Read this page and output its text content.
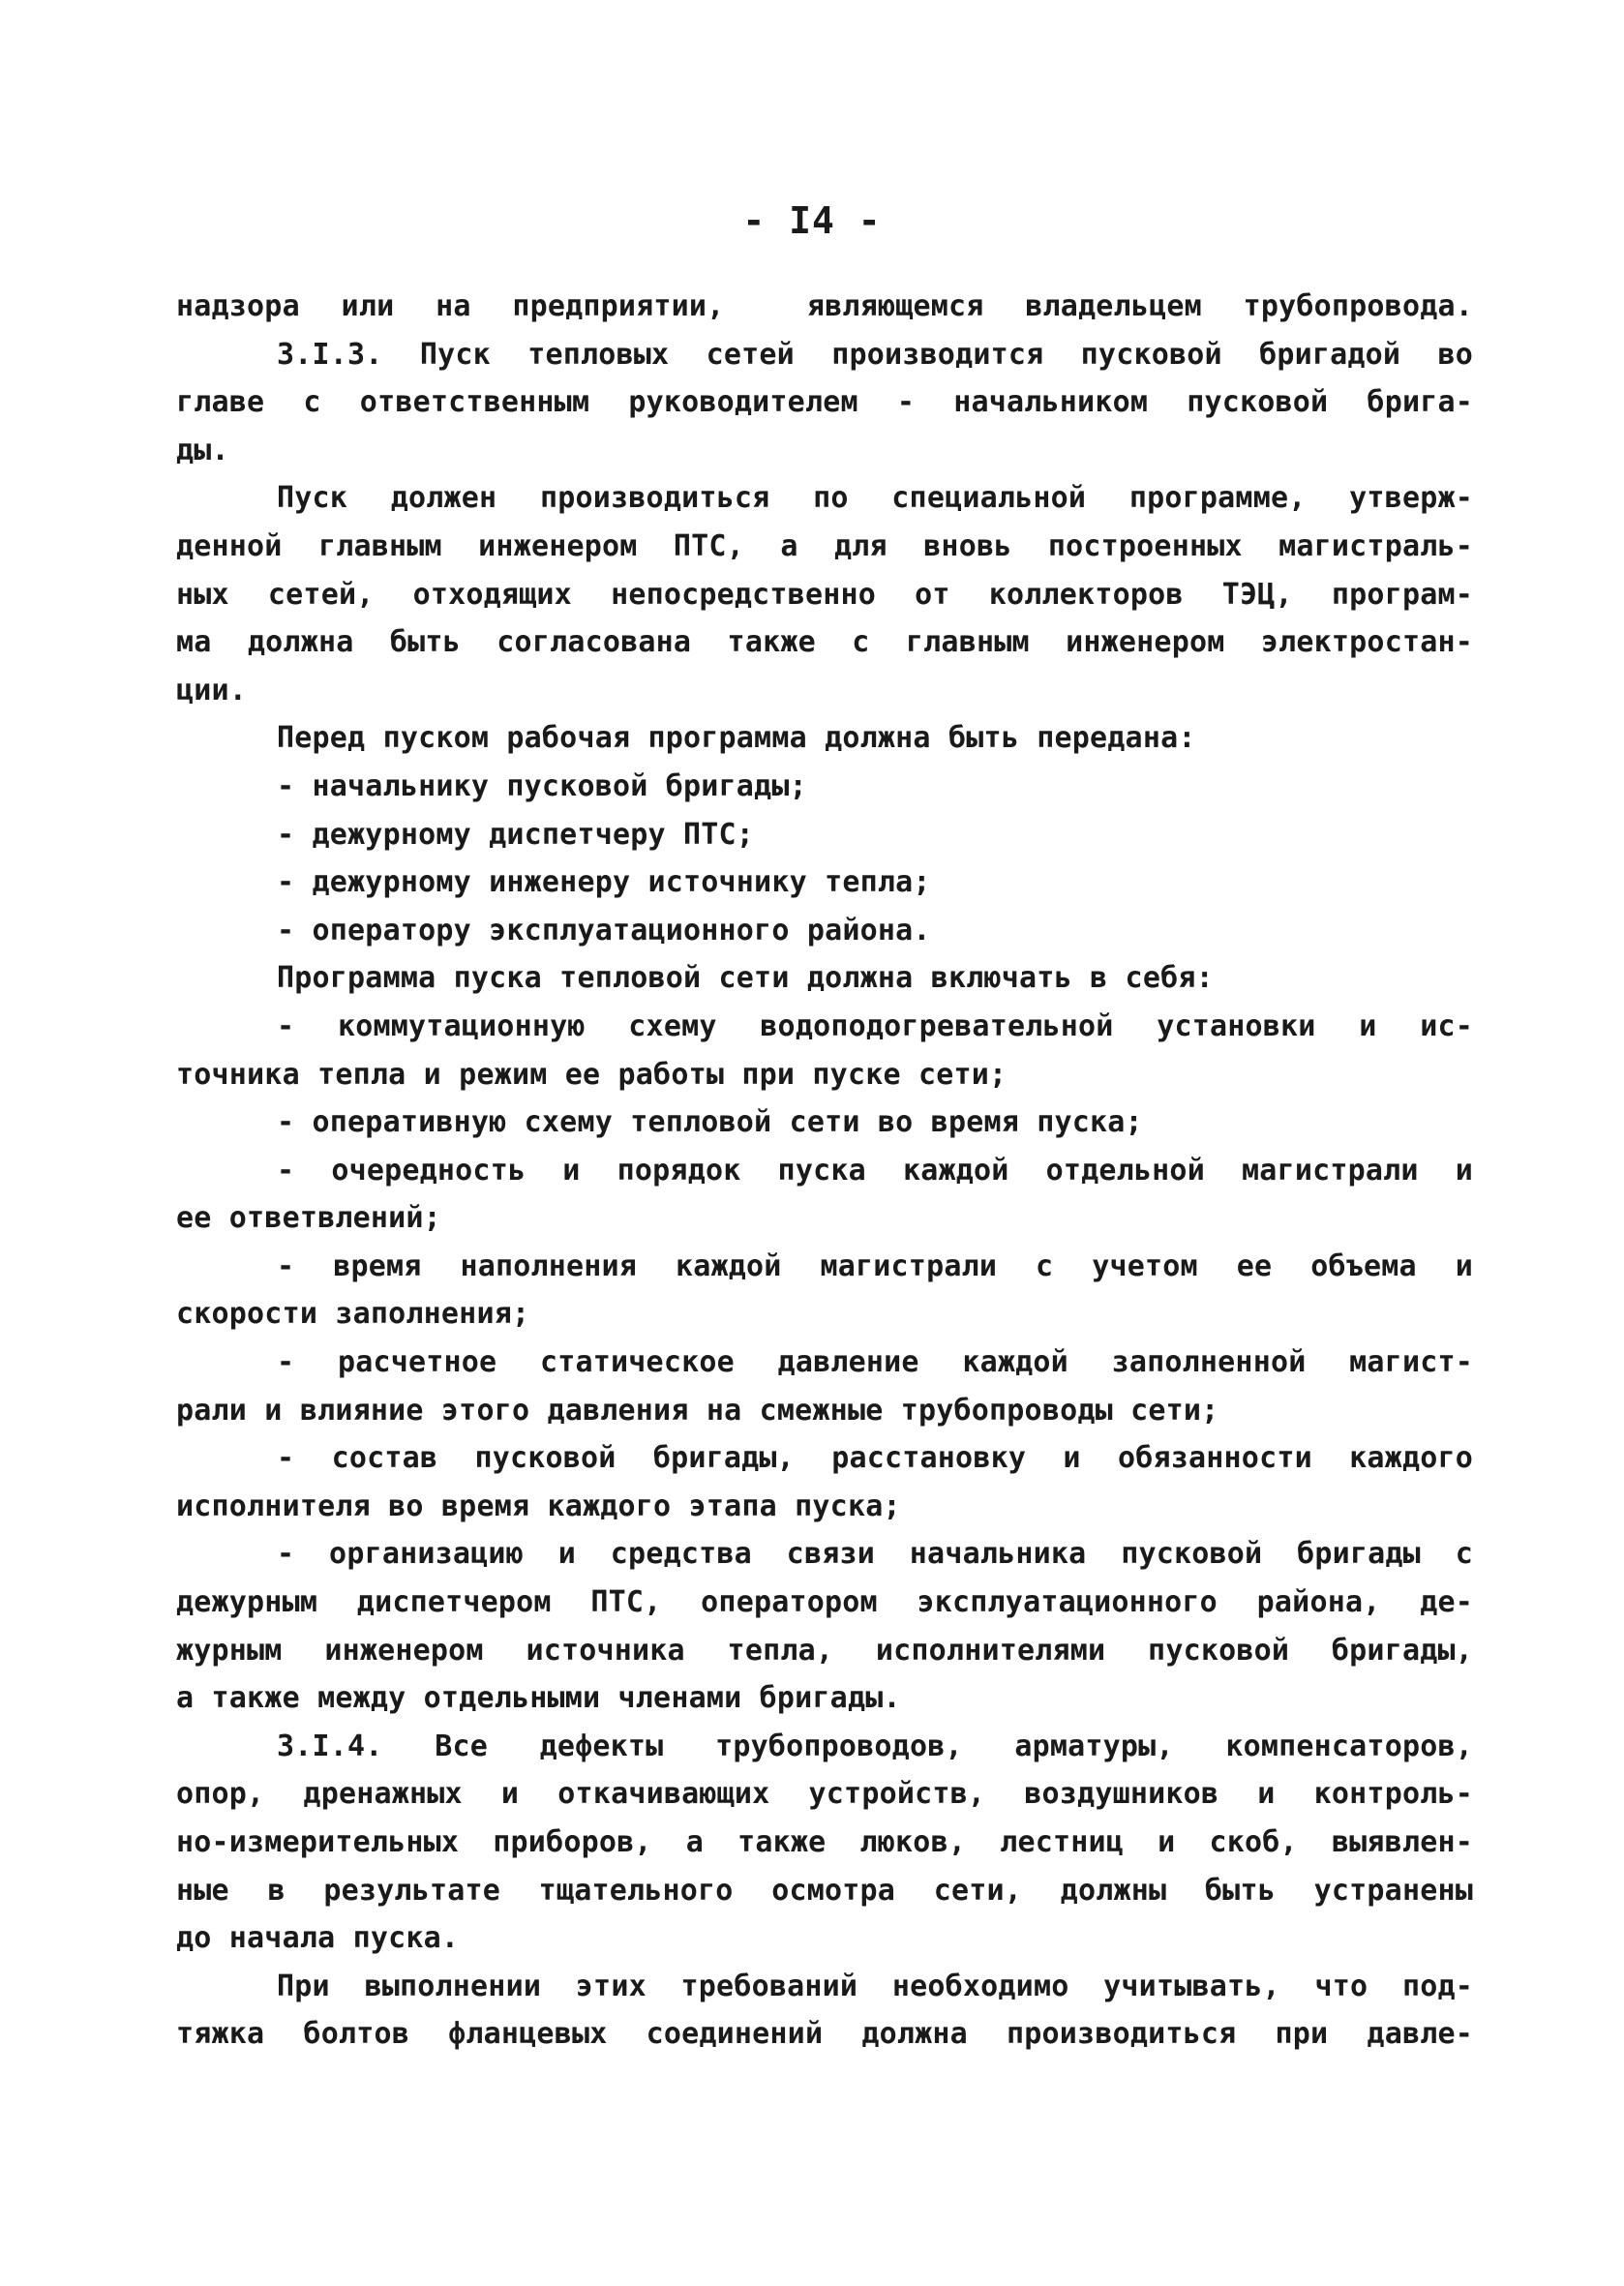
- I4 -
надзора или на предприятии,  являющемся владельцем трубопровода.
3.I.3. Пуск тепловых сетей производится пусковой бригадой во
главе с ответственным руководителем - начальником пусковой брига-
ды.
Пуск должен производиться по специальной программе, утверж-
денной главным инженером ПТС, а для вновь построенных магистраль-
ных сетей, отходящих непосредственно от коллекторов ТЭЦ, програм-
ма должна быть согласована также с главным инженером электростан-
ции.
Перед пуском рабочая программа должна быть передана:
- начальнику пусковой бригады;
- дежурному диспетчеру ПТС;
- дежурному инженеру источнику тепла;
- оператору эксплуатационного района.
Программа пуска тепловой сети должна включать в себя:
- коммутационную схему водоподогревательной установки и ис-
точника тепла и режим ее работы при пуске сети;
- оперативную схему тепловой сети во время пуска;
- очередность и порядок пуска каждой отдельной магистрали и
ее ответвлений;
- время наполнения каждой магистрали с учетом ее объема и
скорости заполнения;
- расчетное статическое давление каждой заполненной магист-
рали и влияние этого давления на смежные трубопроводы сети;
- состав пусковой бригады, расстановку и обязанности каждого
исполнителя во время каждого этапа пуска;
- организацию и средства связи начальника пусковой бригады с
дежурным диспетчером ПТС, оператором эксплуатационного района, де-
журным инженером источника тепла, исполнителями пусковой бригады,
а также между отдельными членами бригады.
3.I.4. Все дефекты трубопроводов, арматуры, компенсаторов,
опор, дренажных и откачивающих устройств, воздушников и контроль-
но-измерительных приборов, а также люков, лестниц и скоб, выявлен-
ные в результате тщательного осмотра сети, должны быть устранены
до начала пуска.
При выполнении этих требований необходимо учитывать, что под-
тяжка болтов фланцевых соединений должна производиться при давле-
